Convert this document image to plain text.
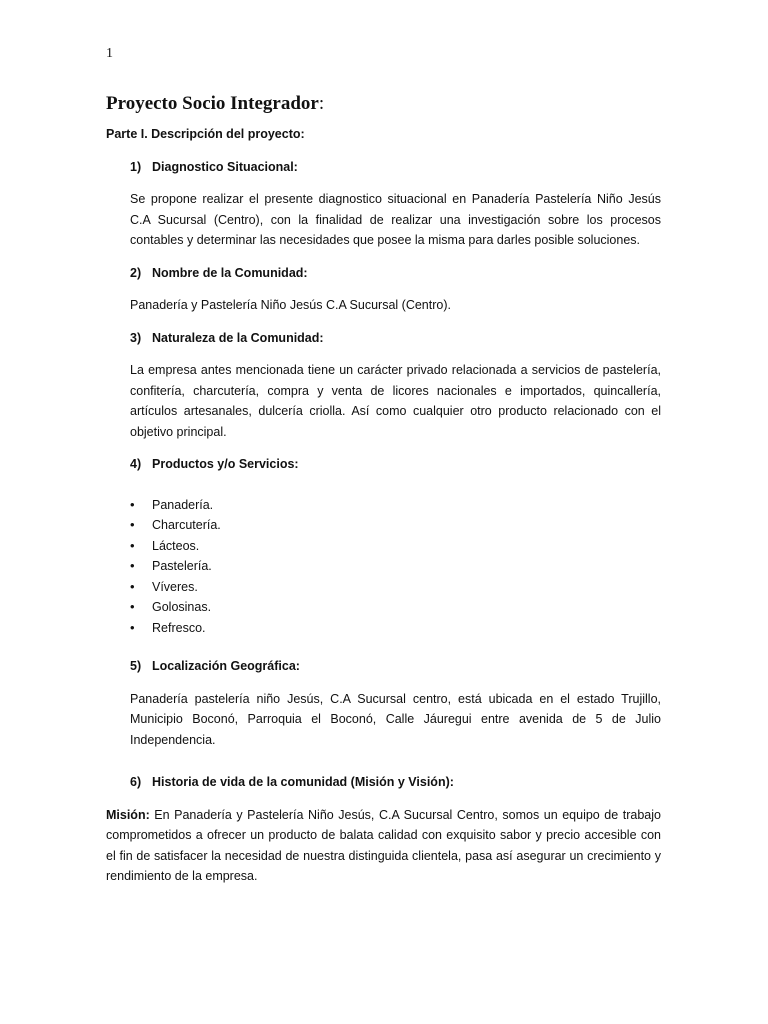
1
Proyecto Socio Integrador:

Parte I. Descripción del proyecto:

1) Diagnostico Situacional:

Se propone realizar el presente diagnostico situacional en Panadería Pastelería Niño Jesús C.A Sucursal (Centro), con la finalidad de realizar una investigación sobre los procesos contables y determinar las necesidades que posee la misma para darles posible soluciones.

2) Nombre de la Comunidad:

Panadería y Pastelería Niño Jesús C.A Sucursal (Centro).

3) Naturaleza de la Comunidad:

La empresa antes mencionada tiene un carácter privado relacionada a servicios de pastelería, confitería, charcutería, compra y venta de licores nacionales e importados, quincallería, artículos artesanales, dulcería criolla. Así como cualquier otro producto relacionado con el objetivo principal.

4) Productos y/o Servicios:
• Panadería.
• Charcutería.
• Lácteos.
• Pastelería.
• Víveres.
• Golosinas.
• Refresco.
5) Localización Geográfica:

Panadería pastelería niño Jesús, C.A Sucursal centro, está ubicada en el estado Trujillo, Municipio Boconó, Parroquia el Boconó, Calle Jáuregui entre avenida de 5 de Julio Independencia.

6) Historia de vida de la comunidad (Misión y Visión):

Misión: En Panadería y Pastelería Niño Jesús, C.A Sucursal Centro, somos un equipo de trabajo comprometidos a ofrecer un producto de balata calidad con exquisito sabor y precio accesible con el fin de satisfacer la necesidad de nuestra distinguida clientela, pasa así asegurar un crecimiento y rendimiento de la empresa.
